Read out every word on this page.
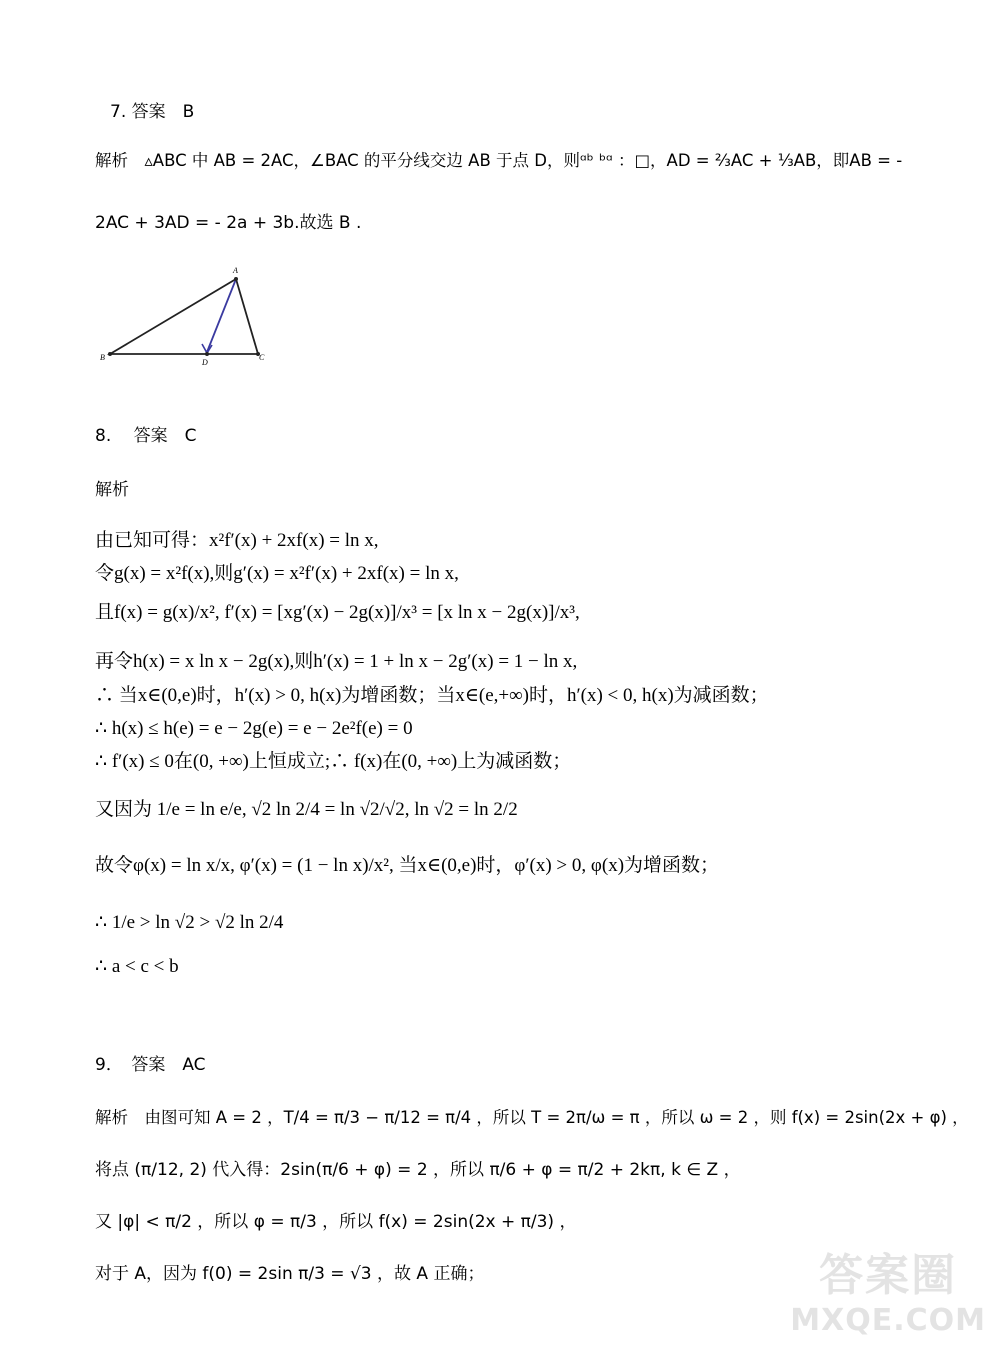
7. 答案　B
解析　▵ABC 中 AB = 2AC，∠BAC 的平分线交边 AB 于点 D，则ᵅᵇ ᵇᵅ ：□，AD = ⅔AC + ⅓AB，即AB = -
2AC + 3AD = - 2a + 3b.故选 B .
A
B	C
D
8.　 答案　C
解析
由已知可得：x²f′(x) + 2xf(x) = ln x,
令g(x) = x²f(x),则g′(x) = x²f′(x) + 2xf(x) = ln x,
且f(x) = g(x)/x², f′(x) = [xg′(x) − 2g(x)]/x³ = [x ln x − 2g(x)]/x³,
再令h(x) = x ln x − 2g(x),则h′(x) = 1 + ln x − 2g′(x) = 1 − ln x,
∴ 当x∈(0,e)时，h′(x) > 0, h(x)为增函数；当x∈(e,+∞)时，h′(x) < 0, h(x)为减函数；
∴ h(x) ≤ h(e) = e − 2g(e) = e − 2e²f(e) = 0
∴ f′(x) ≤ 0在(0, +∞)上恒成立;∴ f(x)在(0, +∞)上为减函数；
又因为 1/e = ln e/e, √2 ln 2/4 = ln √2/√2, ln √2 = ln 2/2
故令φ(x) = ln x/x, φ′(x) = (1 − ln x)/x², 当x∈(0,e)时，φ′(x) > 0, φ(x)为增函数；
∴ 1/e > ln √2 > √2 ln 2/4
∴ a < c < b
9．　答案　AC
解析　由图可知 A = 2 ，T/4 = π/3 − π/12 = π/4 ，所以 T = 2π/ω = π ，所以 ω = 2 ，则 f(x) = 2sin(2x + φ) ，
将点 (π/12, 2) 代入得：2sin(π/6 + φ) = 2 ，所以 π/6 + φ = π/2 + 2kπ, k ∈ Z ，
又 |φ| < π/2 ，所以 φ = π/3 ，所以 f(x) = 2sin(2x + π/3) ，
对于 A，因为 f(0) = 2sin π/3 = √3 ，故 A 正确；	答案圈
MXQE.COM
